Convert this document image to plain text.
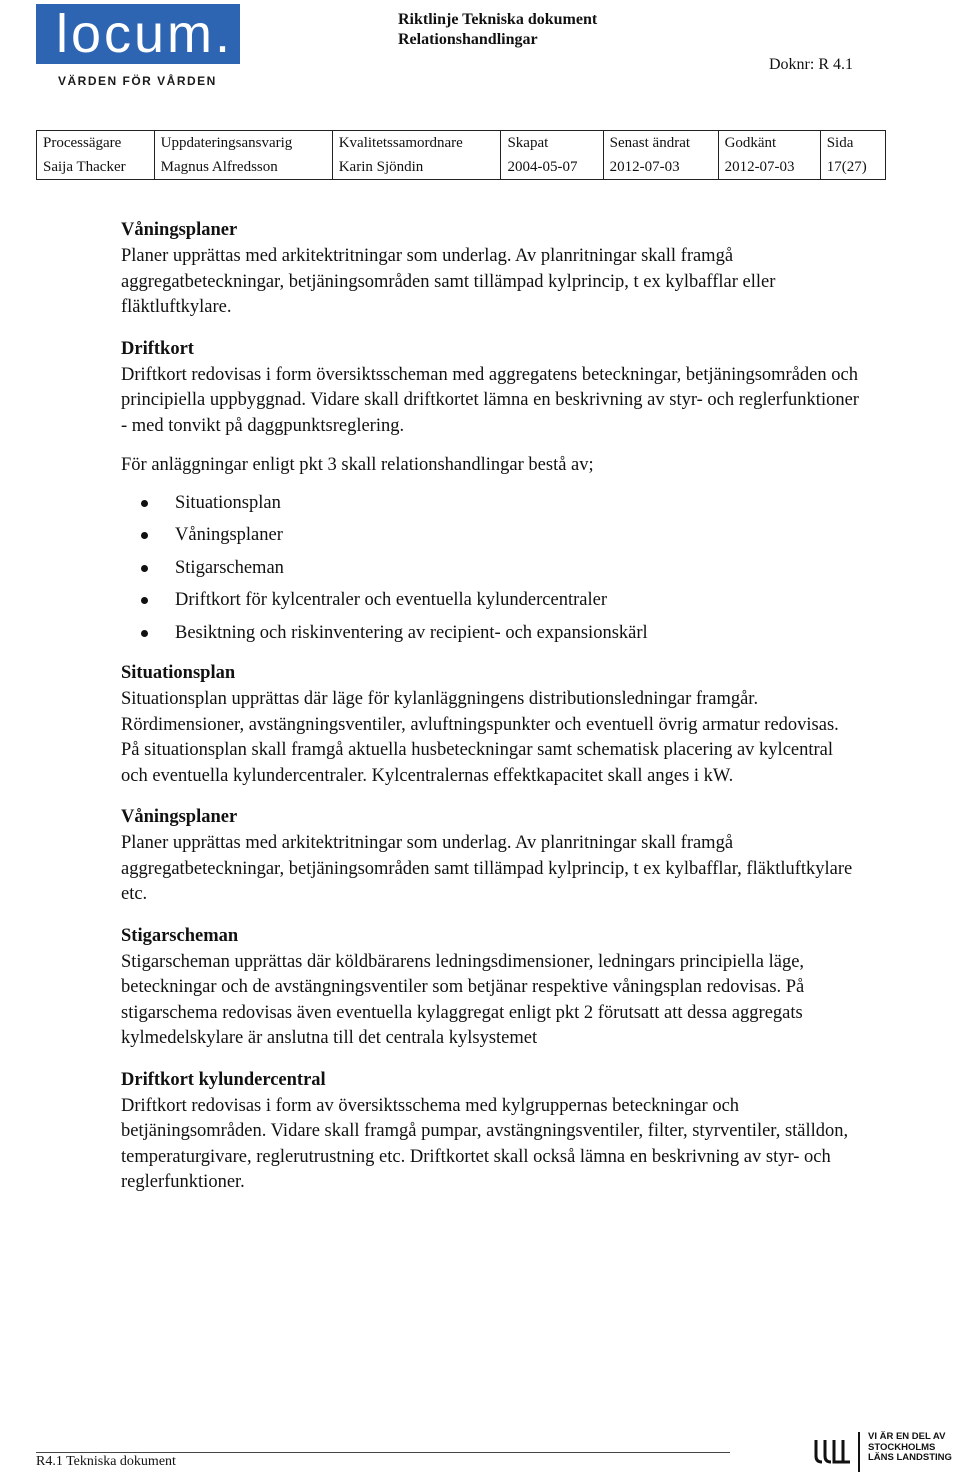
locum.
VÄRDEN FÖR VÅRDEN
Riktlinje Tekniska dokument
Relationshandlingar
Doknr: R 4.1
Processägare	Uppdateringsansvarig	Kvalitetssamordnare	Skapat	Senast ändrat	Godkänt	Sida
Saija Thacker	Magnus Alfredsson	Karin Sjöndin	2004-05-07	2012-07-03	2012-07-03	17(27)
Våningsplaner

Planer upprättas med arkitektritningar som underlag. Av planritningar skall framgå aggregatbeteckningar, betjäningsområden samt tillämpad kylprincip, t ex kylbafflar eller fläktluftkylare.

Driftkort

Driftkort redovisas i form översiktsscheman med aggregatens beteckningar, betjäningsområden och principiella uppbyggnad. Vidare skall driftkortet lämna en beskrivning av styr- och reglerfunktioner - med tonvikt på daggpunktsreglering.

För anläggningar enligt pkt 3 skall relationshandlingar bestå av;

Situationsplan
Våningsplaner
Stigarscheman
Driftkort för kylcentraler och eventuella kylundercentraler
Besiktning och riskinventering av recipient- och expansionskärl
Situationsplan

Situationsplan upprättas där läge för kylanläggningens distributionsledningar framgår. Rördimensioner, avstängningsventiler, avluftningspunkter och eventuell övrig armatur redovisas. På situationsplan skall framgå aktuella husbeteckningar samt schematisk placering av kylcentral och eventuella kylundercentraler. Kylcentralernas effektkapacitet skall anges i kW.

Våningsplaner

Planer upprättas med arkitektritningar som underlag. Av planritningar skall framgå aggregatbeteckningar, betjäningsområden samt tillämpad kylprincip, t ex kylbafflar, fläktluftkylare etc.

Stigarscheman

Stigarscheman upprättas där köldbärarens ledningsdimensioner, ledningars principiella läge, beteckningar och de avstängningsventiler som betjänar respektive våningsplan redovisas. På stigarschema redovisas även eventuella kylaggregat enligt pkt 2 förutsatt att dessa aggregats kylmedelskylare är anslutna till det centrala kylsystemet

Driftkort kylundercentral

Driftkort redovisas i form av översiktsschema med kylgruppernas beteckningar och betjäningsområden. Vidare skall framgå pumpar, avstängningsventiler, filter, styrventiler, ställdon, temperaturgivare, reglerutrustning etc. Driftkortet skall också lämna en beskrivning av styr- och reglerfunktioner.

R4.1 Tekniska dokument
VI ÄR EN DEL AV
STOCKHOLMS
LÄNS LANDSTING
